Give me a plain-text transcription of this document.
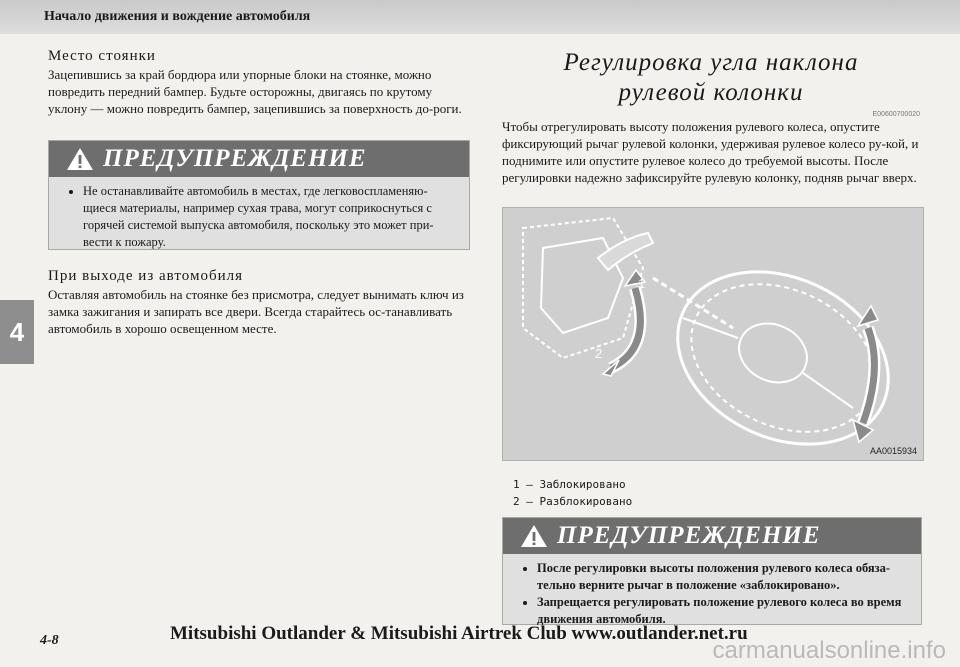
Начало движения и вождение автомобиля
4

Место стоянки

Зацепившись за край бордюра или упорные блоки на стоянке, можно повредить передний бампер. Будьте осторожны, двигаясь по крутому уклону — можно повредить бампер, зацепившись за поверхность до-роги.

ПРЕДУПРЕЖДЕНИЕ
• Не останавливайте автомобиль в местах, где легковоспламеняю-щиеся материалы, например сухая трава, могут соприкоснуться с горячей системой выпуска автомобиля, поскольку это может при-вести к пожару.

При выходе из автомобиля

Оставляя автомобиль на стоянке без присмотра, следует вынимать ключ из замка зажигания и запирать все двери. Всегда старайтесь ос-танавливать автомобиль в хорошо освещенном месте.

Регулировка угла наклона

рулевой колонки

E00600700020

Чтобы отрегулировать высоту положения рулевого колеса, опустите фиксирующий рычаг рулевой колонки, удерживая рулевое колесо ру-кой, и поднимите или опустите рулевое колесо до требуемой высоты. После регулировки надежно зафиксируйте рулевую колонку, подняв рычаг вверх.

1
2
AA0015934
1 – Заблокировано
2 – Разблокировано
ПРЕДУПРЕЖДЕНИЕ
• После регулировки высоты положения рулевого колеса обяза-тельно верните рычаг в положение «заблокировано».
• Запрещается регулировать положение рулевого колеса во время движения автомобиля.
4-8	Mitsubishi Outlander & Mitsubishi Airtrek Club www.outlander.net.ru
carmanualsonline.info
